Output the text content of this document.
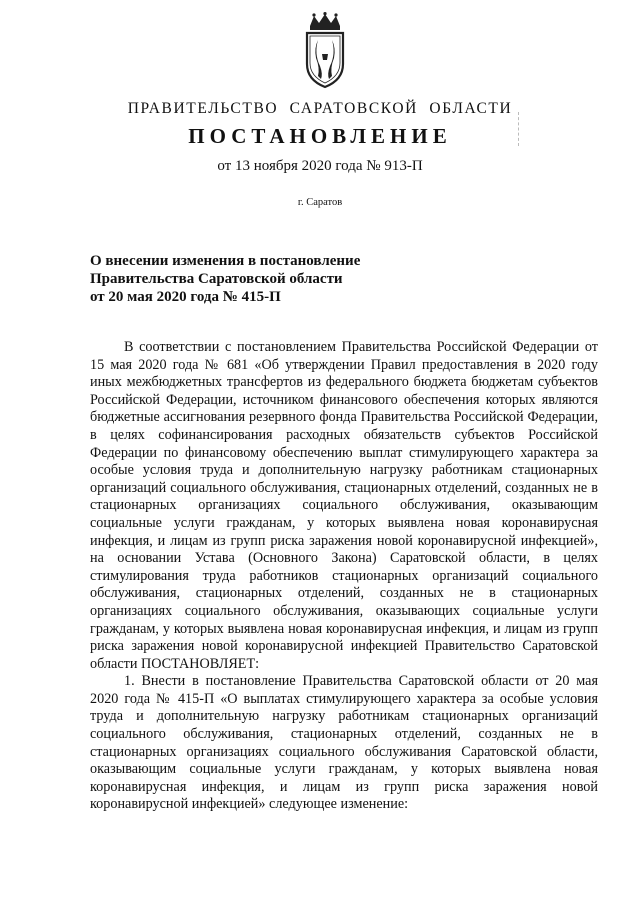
ПРАВИТЕЛЬСТВО САРАТОВСКОЙ ОБЛАСТИ
ПОСТАНОВЛЕНИЕ
от 13 ноября 2020 года № 913-П
г. Саратов
О внесении изменения в постановление
Правительства Саратовской области
от 20 мая 2020 года № 415-П

В соответствии с постановлением Правительства Российской Федерации от 15 мая 2020 года № 681 «Об утверждении Правил предоставления в 2020 году иных межбюджетных трансфертов из федерального бюджета бюджетам субъектов Российской Федерации, источником финансового обеспечения которых являются бюджетные ассигнования резервного фонда Правительства Российской Федерации, в целях софинансирования расходных обязательств субъектов Российской Федерации по финансовому обеспечению выплат стимулирующего характера за особые условия труда и дополнительную нагрузку работникам стационарных организаций социального обслуживания, стационарных отделений, созданных не в стационарных организациях социального обслуживания, оказывающим социальные услуги гражданам, у которых выявлена новая коронавирусная инфекция, и лицам из групп риска заражения новой коронавирусной инфекцией», на основании Устава (Основного Закона) Саратовской области, в целях стимулирования труда работников стационарных организаций социального обслуживания, стационарных отделений, созданных не в стационарных организациях социального обслуживания, оказывающих социальные услуги гражданам, у которых выявлена новая коронавирусная инфекция, и лицам из групп риска заражения новой коронавирусной инфекцией Правительство Саратовской области ПОСТАНОВЛЯЕТ:

1. Внести в постановление Правительства Саратовской области от 20 мая 2020 года № 415-П «О выплатах стимулирующего характера за особые условия труда и дополнительную нагрузку работникам стационарных организаций социального обслуживания, стационарных отделений, созданных не в стационарных организациях социального обслуживания Саратовской области, оказывающим социальные услуги гражданам, у которых выявлена новая коронавирусная инфекция, и лицам из групп риска заражения новой коронавирусной инфекцией» следующее изменение:
